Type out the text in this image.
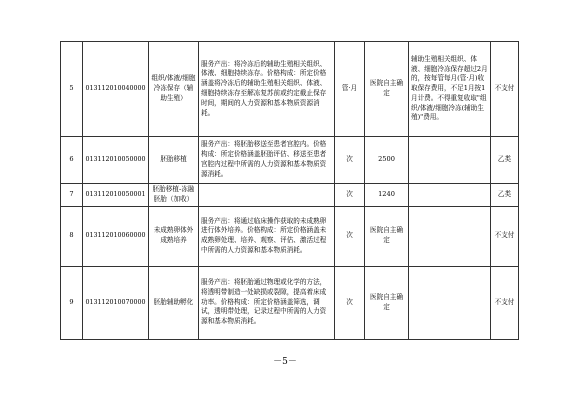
5	013112010040000	组织/体液/细胞冷冻保存（辅助生殖）	服务产出：将冷冻后的辅助生殖相关组织、体液、细胞持续冻存。价格构成：所定价格涵盖将冷冻后的辅助生殖相关组织、体液、细胞持续冻存至解冻复苏前或约定截止保存时间，期间的人力资源和基本物质资源消耗。	管·月	医院自主确定	辅助生殖相关组织、体液、细胞冷冻保存超过2月的，按每管每月(管·月)收取保存费用，不足1月按1月计费。不得重复收取"组织/体液/细胞冷冻(辅助生殖)"费用。	不支付
6	013112010050000	胚胎移植	服务产出：将胚胎移送至患者宫腔内。价格构成：所定价格涵盖胚胎评估、移送至患者宫腔内过程中所需的人力资源和基本物质资源消耗。	次	2500		乙类
7	013112010050001	胚胎移植-冻融胚胎（加收）		次	1240		乙类
8	013112010060000	未成熟卵体外成熟培养	服务产出：将通过临床操作获取的未成熟卵进行体外培养。价格构成：所定价格涵盖未成熟卵处理、培养、观察、评估、激活过程中所需的人力资源和基本物质消耗。	次	医院自主确定		不支付
9	013112010070000	胚胎辅助孵化	服务产出：将胚胎通过物理或化学的方法，将透明带制造一处缺损或裂隙，提高着床成功率。价格构成：所定价格涵盖筛选，调试，透明带处理，记录过程中所需的人力资源和基本物质消耗。	次	医院自主确定		不支付
－5－
